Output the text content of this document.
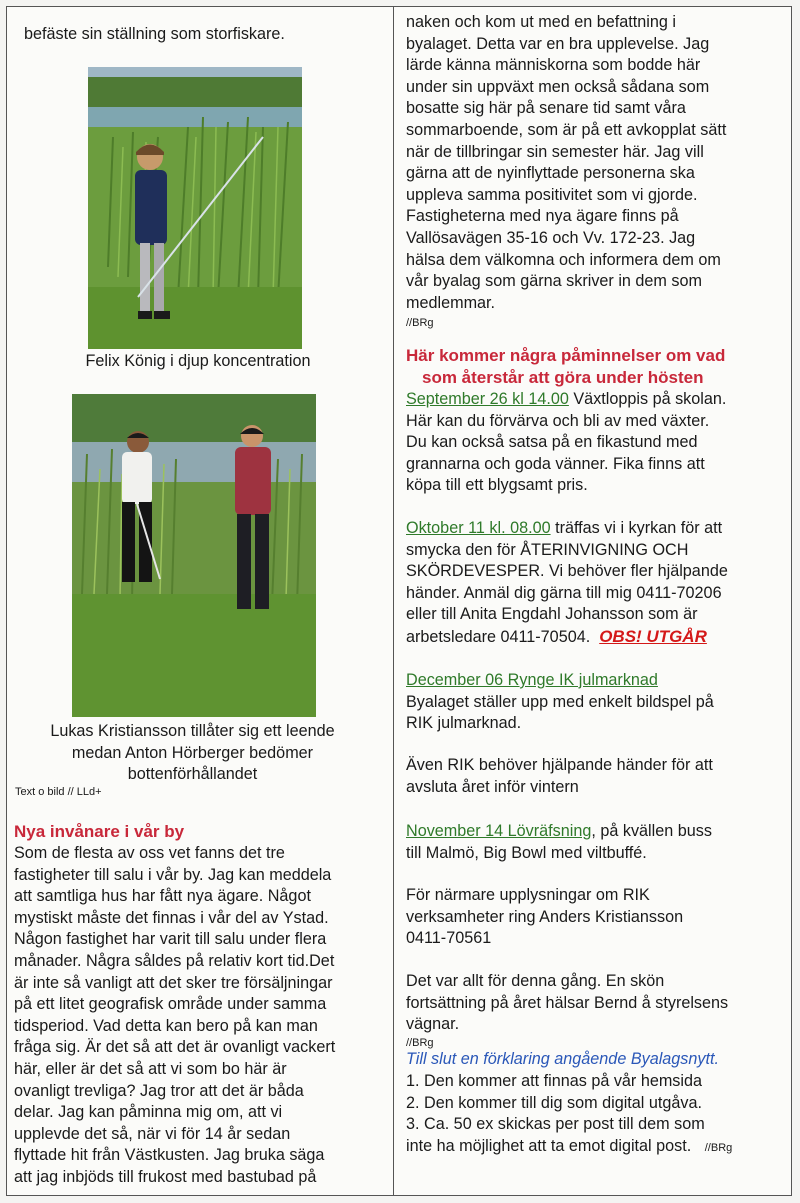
befäste sin ställning som storfiskare.
Felix König i djup koncentration
Lukas Kristiansson tillåter sig ett leende
medan Anton Hörberger bedömer
bottenförhållandet
Text o bild // LLd+
Nya invånare i vår by
Som de flesta av oss vet fanns det tre
fastigheter till salu i vår by. Jag kan meddela
att samtliga hus har fått nya ägare. Något
mystiskt måste det finnas i vår del av Ystad.
Någon fastighet har varit till salu under flera
månader. Några såldes på relativ kort tid.Det
är inte så vanligt att det sker tre försäljningar
på ett litet geografisk område under samma
tidsperiod. Vad detta kan bero på kan man
fråga sig. Är det så att det är ovanligt vackert
här, eller är det så att vi som bo här är
ovanligt trevliga? Jag tror att det är båda
delar. Jag kan påminna mig om, att vi
upplevde det så, när vi för 14 år sedan
flyttade hit från Västkusten. Jag bruka säga
att jag inbjöds till frukost med bastubad på
naken och kom ut med en befattning i
byalaget. Detta var en bra upplevelse. Jag
lärde känna människorna som bodde här
under sin uppväxt men också sådana som
bosatte sig här på senare tid samt våra
sommarboende, som är på ett avkopplat sätt
när de tillbringar sin semester här. Jag vill
gärna att de nyinflyttade personerna ska
uppleva samma positivitet som vi gjorde.
Fastigheterna med nya ägare finns på
Vallösavägen 35-16 och Vv. 172-23. Jag
hälsa dem välkomna och informera dem om
vår byalag som gärna skriver in dem som
medlemmar.
//BRg
Här kommer några påminnelser om vad
som återstår att göra under hösten
September 26 kl 14.00 Växtloppis på skolan.
Här kan du förvärva och bli av med växter.
Du kan också satsa på en fikastund med
grannarna och goda vänner. Fika finns att
köpa till ett blygsamt pris.
Oktober 11 kl. 08.00 träffas vi i kyrkan för att
smycka den för ÅTERINVIGNING OCH
SKÖRDEVESPER. Vi behöver fler hjälpande
händer. Anmäl dig gärna till mig 0411-70206
eller till Anita Engdahl Johansson som är
arbetsledare 0411-70504. OBS! UTGÅR
December 06 Rynge IK julmarknad
Byalaget ställer upp med enkelt bildspel på
RIK julmarknad.
Även RIK behöver hjälpande händer för att
avsluta året inför vintern
November 14 Lövräfsning, på kvällen buss
till Malmö, Big Bowl med viltbuffé.
För närmare upplysningar om RIK
verksamheter ring Anders Kristiansson
0411-70561
Det var allt för denna gång. En skön
fortsättning på året hälsar Bernd å styrelsens
vägnar.
//BRg
Till slut en förklaring angående Byalagsnytt.
1. Den kommer att finnas på vår hemsida
2. Den kommer till dig som digital utgåva.
3. Ca. 50 ex skickas per post till dem som
inte ha möjlighet att ta emot digital post. //BRg
